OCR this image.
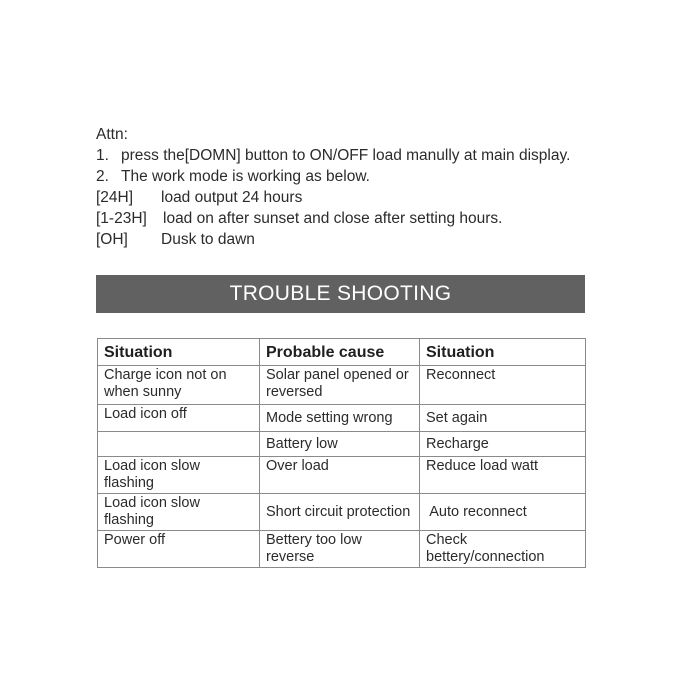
Attn:
1. press the[DOMN] button to ON/OFF load manully at main display.
2. The work mode is working as below.
[24H]	load output 24 hours
[1-23H]	load on after sunset and close after setting hours.
[OH]	Dusk to dawn
TROUBLE SHOOTING
Situation	Probable cause	Situation
Charge icon not on when sunny	Solar panel opened or reversed	Reconnect
Load icon off	Mode setting wrong	Set again
	Battery low	Recharge
Load icon slow flashing	Over load	Reduce load watt
Load icon slow flashing	Short circuit protection	Auto reconnect
Power off	Bettery too low reverse	Check bettery/connection
